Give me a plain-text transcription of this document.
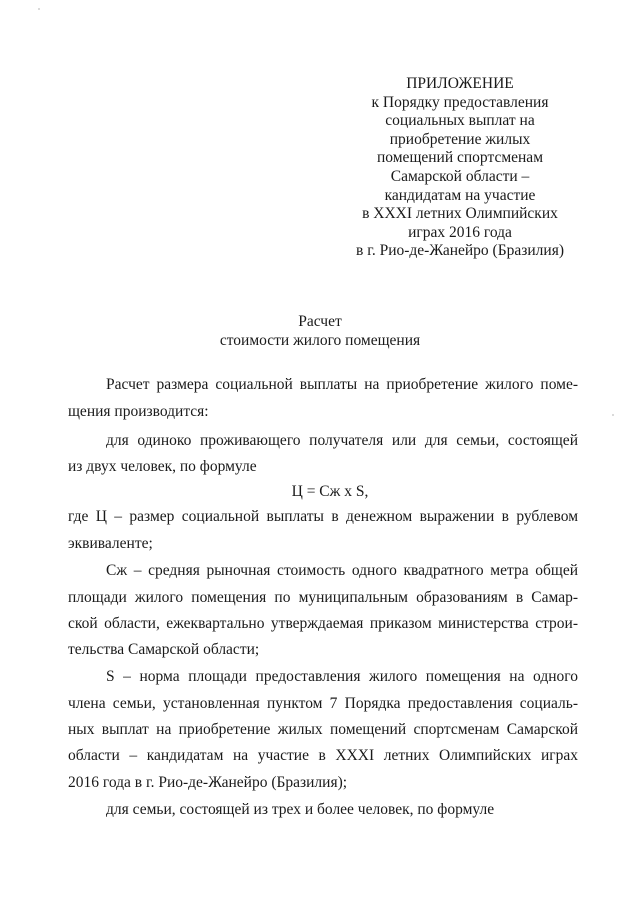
ПРИЛОЖЕНИЕ
к Порядку предоставления
социальных выплат на
приобретение жилых
помещений спортсменам
Самарской области –
кандидатам на участие
в XXXI летних Олимпийских
играх 2016 года
в г. Рио-де-Жанейро (Бразилия)
Расчет
стоимости жилого помещения
Расчет размера социальной выплаты на приобретение жилого поме-
щения производится:
для одиноко проживающего получателя или для семьи, состоящей
из двух человек, по формуле
Ц = Сж х S,
где Ц – размер социальной выплаты в денежном выражении в рублевом
эквиваленте;
Сж – средняя рыночная стоимость одного квадратного метра общей
площади жилого помещения по муниципальным образованиям в Самар-
ской области, ежеквартально утверждаемая приказом министерства строи-
тельства Самарской области;
S – норма площади предоставления жилого помещения на одного
члена семьи, установленная пунктом 7 Порядка предоставления социаль-
ных выплат на приобретение жилых помещений спортсменам Самарской
области – кандидатам на участие в XXXI летних Олимпийских играх
2016 года в г. Рио-де-Жанейро (Бразилия);
для семьи, состоящей из трех и более человек, по формуле
